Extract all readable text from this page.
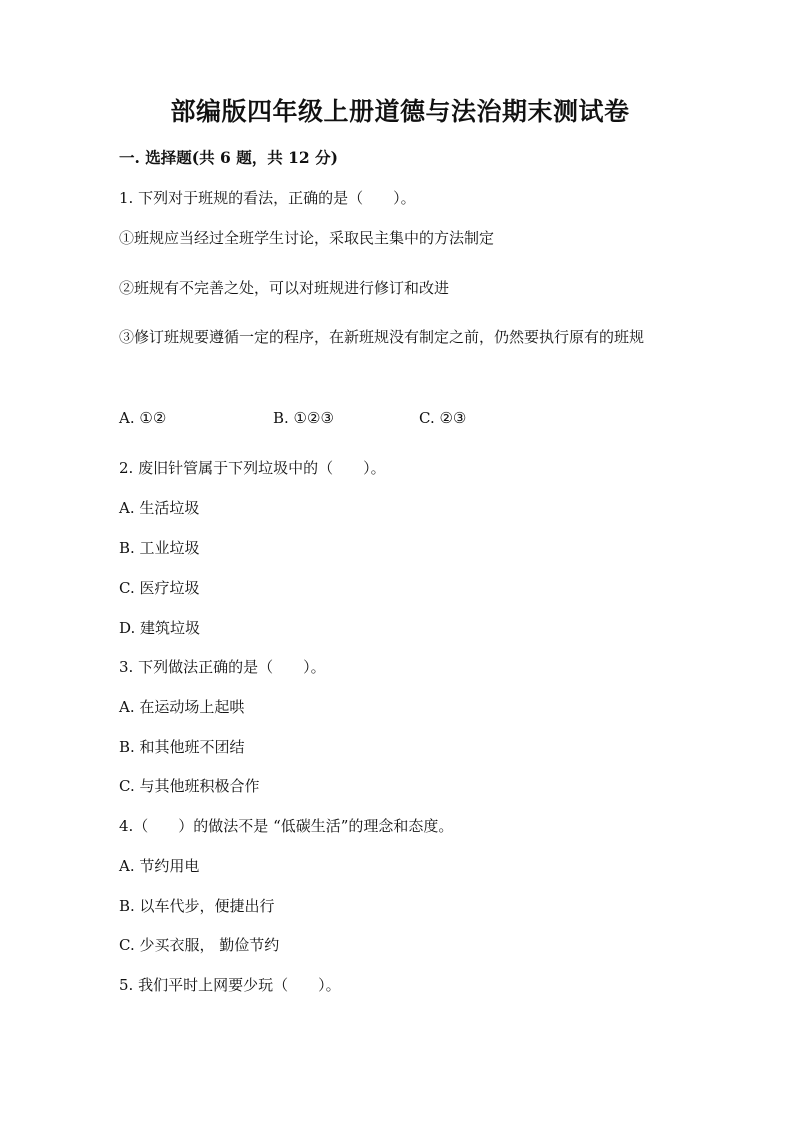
部编版四年级上册道德与法治期末测试卷
一. 选择题(共 6 题，共 12 分)
1. 下列对于班规的看法，正确的是（　　）。
①班规应当经过全班学生讨论，采取民主集中的方法制定
②班规有不完善之处，可以对班规进行修订和改进
③修订班规要遵循一定的程序，在新班规没有制定之前，仍然要执行原有的班规
A. ①②	B. ①②③	C. ②③
2. 废旧针管属于下列垃圾中的（　　）。
A. 生活垃圾
B. 工业垃圾
C. 医疗垃圾
D. 建筑垃圾
3. 下列做法正确的是（　　）。
A. 在运动场上起哄
B. 和其他班不团结
C. 与其他班积极合作
4.（　　）的做法不是 “低碳生活”的理念和态度。
A. 节约用电
B. 以车代步，便捷出行
C. 少买衣服， 勤俭节约
5. 我们平时上网要少玩（　　）。
